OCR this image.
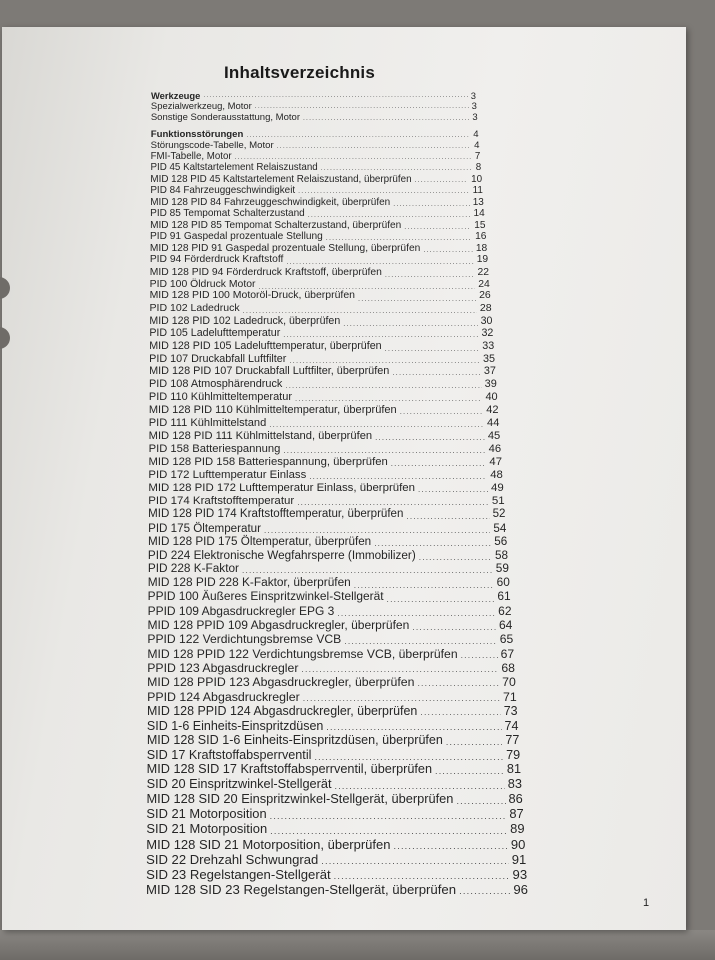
Inhaltsverzeichnis
Werkzeuge .....	3
Spezialwerkzeug, Motor .....	3
Sonstige Sonderausstattung, Motor .....	3
Funktionsstörungen .....	4
Störungscode-Tabelle, Motor .....	4
FMI-Tabelle, Motor .....	7
PID 45 Kaltstartelement Relaiszustand .....	8
MID 128 PID 45 Kaltstartelement Relaiszustand, überprüfen .....	10
PID 84 Fahrzeuggeschwindigkeit .....	11
MID 128 PID 84 Fahrzeuggeschwindigkeit, überprüfen .....	13
PID 85 Tempomat Schalterzustand .....	14
MID 128 PID 85 Tempomat Schalterzustand, überprüfen .....	15
PID 91 Gaspedal prozentuale Stellung .....	16
MID 128 PID 91 Gaspedal prozentuale Stellung, überprüfen .....	18
PID 94 Förderdruck Kraftstoff .....	19
MID 128 PID 94 Förderdruck Kraftstoff, überprüfen .....	22
PID 100 Öldruck Motor .....	24
MID 128 PID 100 Motoröl-Druck, überprüfen .....	26
PID 102 Ladedruck .....	28
MID 128 PID 102 Ladedruck, überprüfen .....	30
PID 105 Ladelufttemperatur .....	32
MID 128 PID 105 Ladelufttemperatur, überprüfen .....	33
PID 107 Druckabfall Luftfilter .....	35
MID 128 PID 107 Druckabfall Luftfilter, überprüfen .....	37
PID 108 Atmosphärendruck .....	39
PID 110 Kühlmitteltemperatur .....	40
MID 128 PID 110 Kühlmitteltemperatur, überprüfen .....	42
PID 111 Kühlmittelstand .....	44
MID 128 PID 111 Kühlmittelstand, überprüfen .....	45
PID 158 Batteriespannung .....	46
MID 128 PID 158 Batteriespannung, überprüfen .....	47
PID 172 Lufttemperatur Einlass .....	48
MID 128 PID 172 Lufttemperatur Einlass, überprüfen .....	49
PID 174 Kraftstofftemperatur .....	51
MID 128 PID 174 Kraftstofftemperatur, überprüfen .....	52
PID 175 Öltemperatur .....	54
MID 128 PID 175 Öltemperatur, überprüfen .....	56
PID 224 Elektronische Wegfahrsperre (Immobilizer) .....	58
PID 228 K-Faktor .....	59
MID 128 PID 228 K-Faktor, überprüfen .....	60
PPID 100 Äußeres Einspritzwinkel-Stellgerät .....	61
PPID 109 Abgasdruckregler EPG 3 .....	62
MID 128 PPID 109 Abgasdruckregler, überprüfen .....	64
PPID 122 Verdichtungsbremse VCB .....	65
MID 128 PPID 122 Verdichtungsbremse VCB, überprüfen .....	67
PPID 123 Abgasdruckregler .....	68
MID 128 PPID 123 Abgasdruckregler, überprüfen .....	70
PPID 124 Abgasdruckregler .....	71
MID 128 PPID 124 Abgasdruckregler, überprüfen .....	73
SID 1-6 Einheits-Einspritzdüsen .....	74
MID 128 SID 1-6 Einheits-Einspritzdüsen, überprüfen .....	77
SID 17 Kraftstoffabsperrventil .....	79
MID 128 SID 17 Kraftstoffabsperrventil, überprüfen .....	81
SID 20 Einspritzwinkel-Stellgerät .....	83
MID 128 SID 20 Einspritzwinkel-Stellgerät, überprüfen .....	86
SID 21 Motorposition .....	87
SID 21 Motorposition .....	89
MID 128 SID 21 Motorposition, überprüfen .....	90
SID 22 Drehzahl Schwungrad .....	91
SID 23 Regelstangen-Stellgerät .....	93
MID 128 SID 23 Regelstangen-Stellgerät, überprüfen .....	96
1
